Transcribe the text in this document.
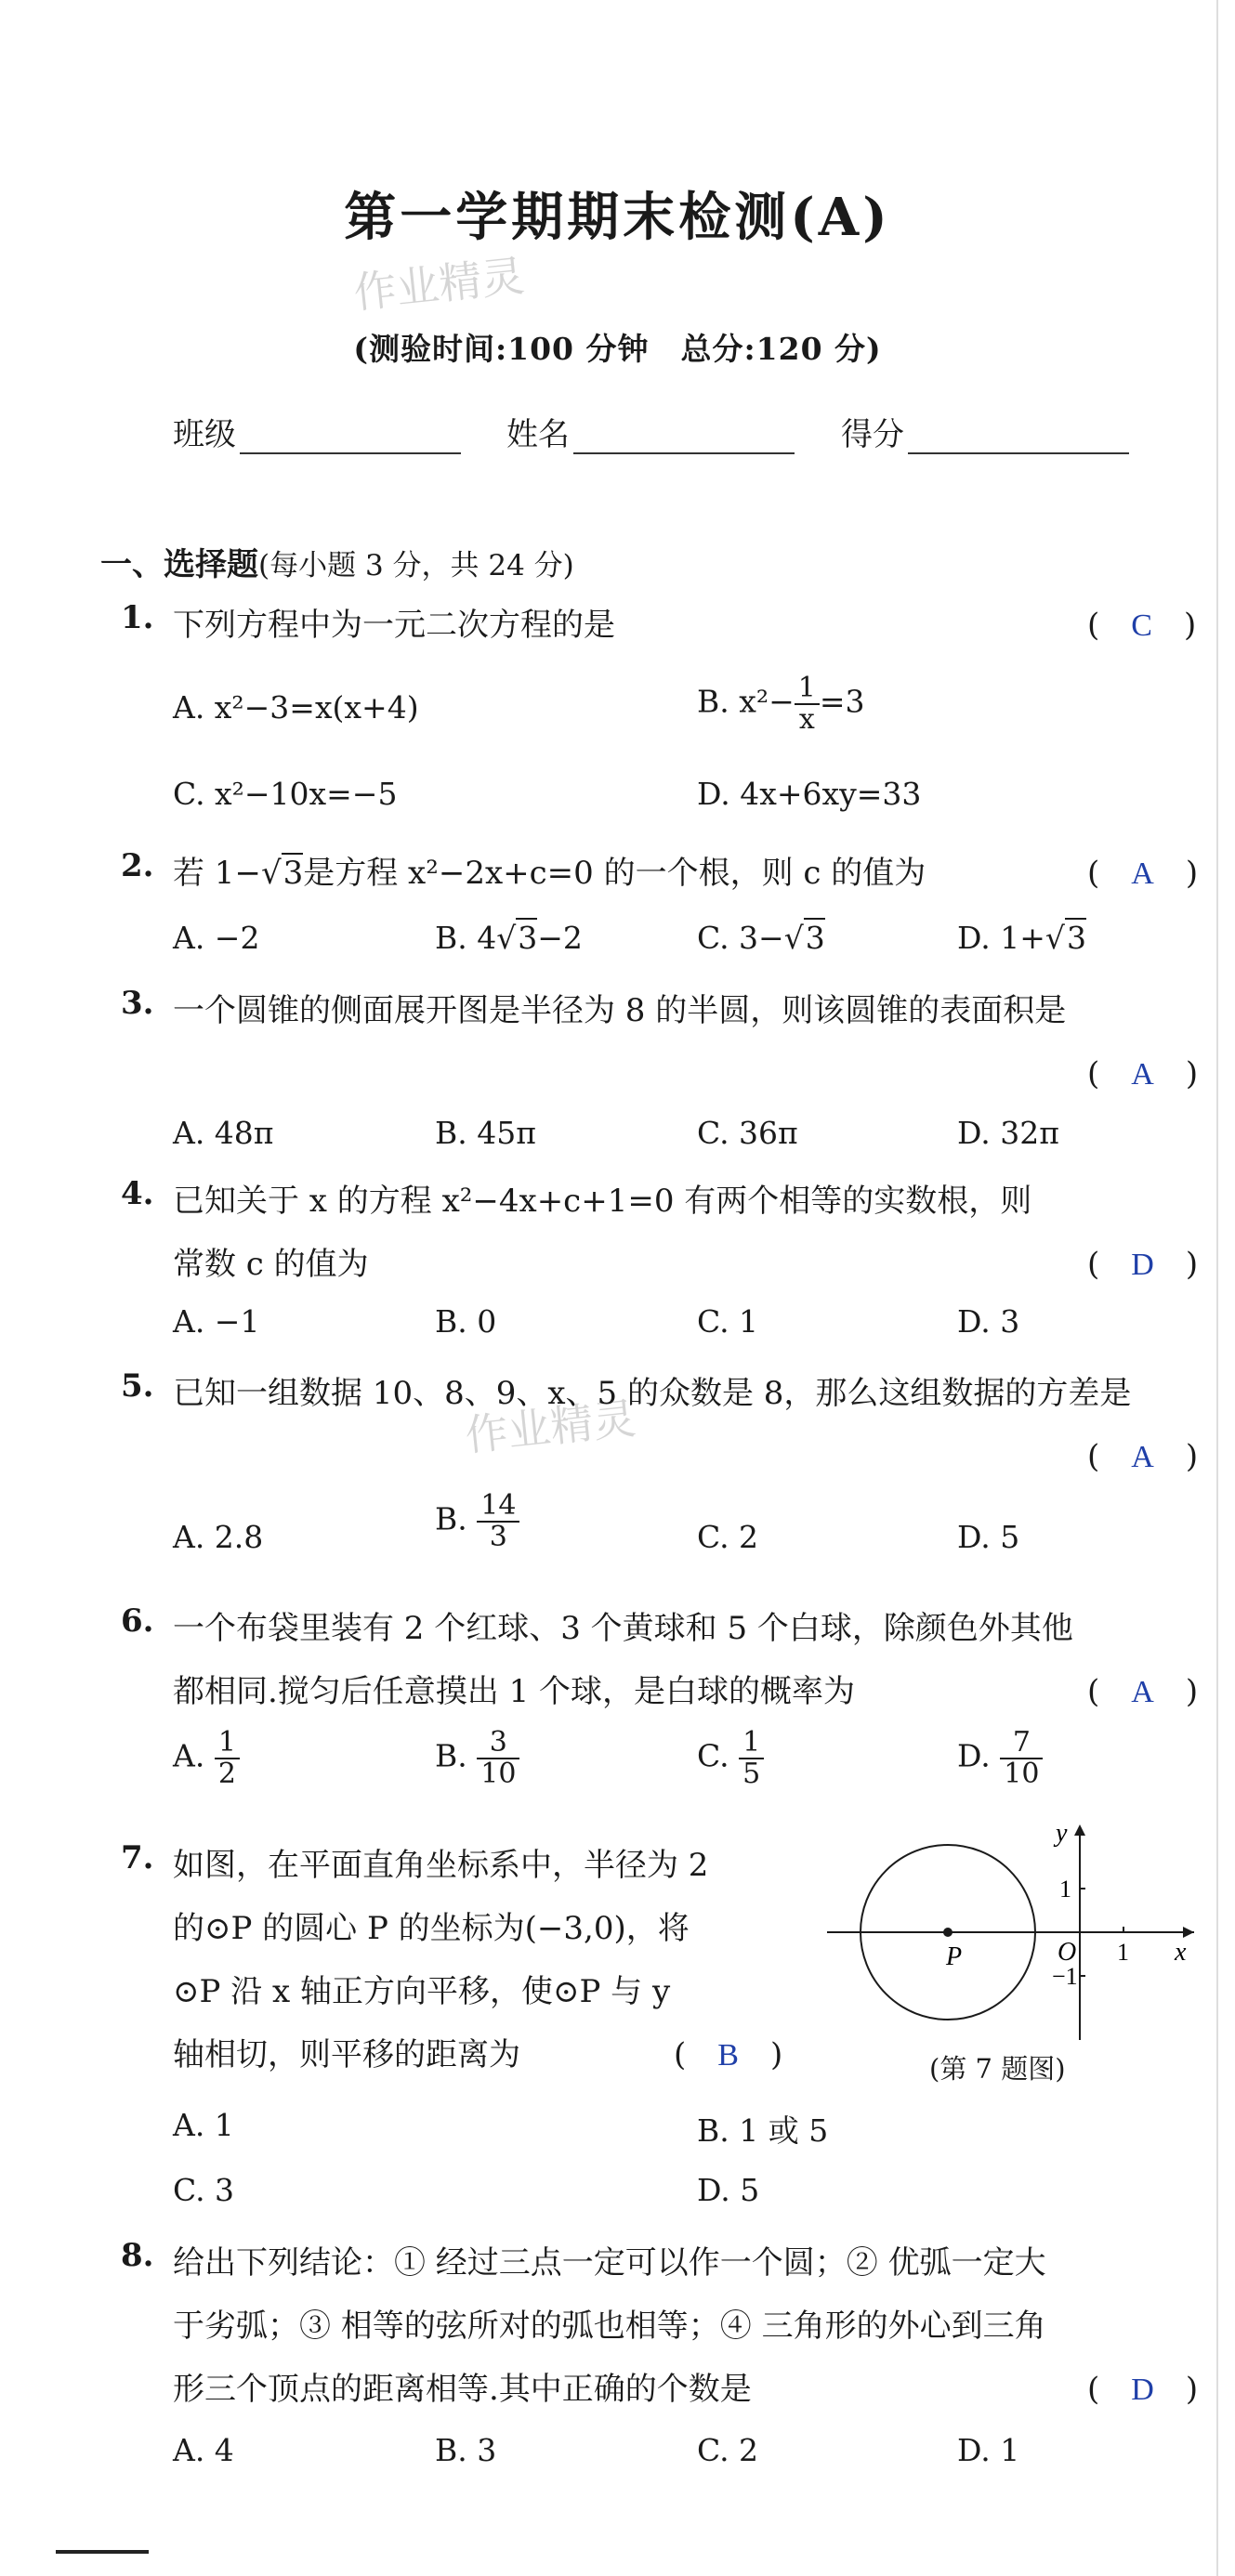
作业精灵
作业精灵
第一学期期末检测(A)
(测验时间:100 分钟　总分:120 分)
班级	姓名	得分
一、选择题(每小题 3 分，共 24 分)
1. 下列方程中为一元二次方程的是	(　C　)
A. x²−3=x(x+4)	B. $x^2- \frac{1}{x} =3$
C. x²−10x=−5	D. 4x+6xy=33
2. 若 1−√3是方程 x²−2x+c=0 的一个根，则 c 的值为	(　A　)
A. −2	B. 4√3−2	C. 3−√3	D. 1+√3
3. 一个圆锥的侧面展开图是半径为 8 的半圆，则该圆锥的表面积是
(　A　)
A. 48π	B. 45π	C. 36π	D. 32π
4. 已知关于 x 的方程 x²−4x+c+1=0 有两个相等的实数根，则
常数 c 的值为	(　D　)
A. −1	B. 0	C. 1	D. 3
5. 已知一组数据 10、8、9、x、5 的众数是 8，那么这组数据的方差是
(　A　)
A. 2.8	B. $\frac{14}{3}$	C. 2	D. 5
6. 一个布袋里装有 2 个红球、3 个黄球和 5 个白球，除颜色外其他
都相同.搅匀后任意摸出 1 个球，是白球的概率为	(　A　)
A. $\frac{1}{2}$	B. $\frac{3}{10}$	C. $\frac{1}{5}$	D. $\frac{7}{10}$
7. 如图，在平面直角坐标系中，半径为 2
的⊙P 的圆心 P 的坐标为(−3,0)，将
⊙P 沿 x 轴正方向平移，使⊙P 与 y
轴相切，则平移的距离为	(　B　)
P	O 1
1
−1
x
y
(第 7 题图)
A. 1	B. 1 或 5
C. 3	D. 5
8. 给出下列结论：① 经过三点一定可以作一个圆；② 优弧一定大
于劣弧；③ 相等的弦所对的弧也相等；④ 三角形的外心到三角
形三个顶点的距离相等.其中正确的个数是	(　D　)
A. 4	B. 3	C. 2	D. 1
